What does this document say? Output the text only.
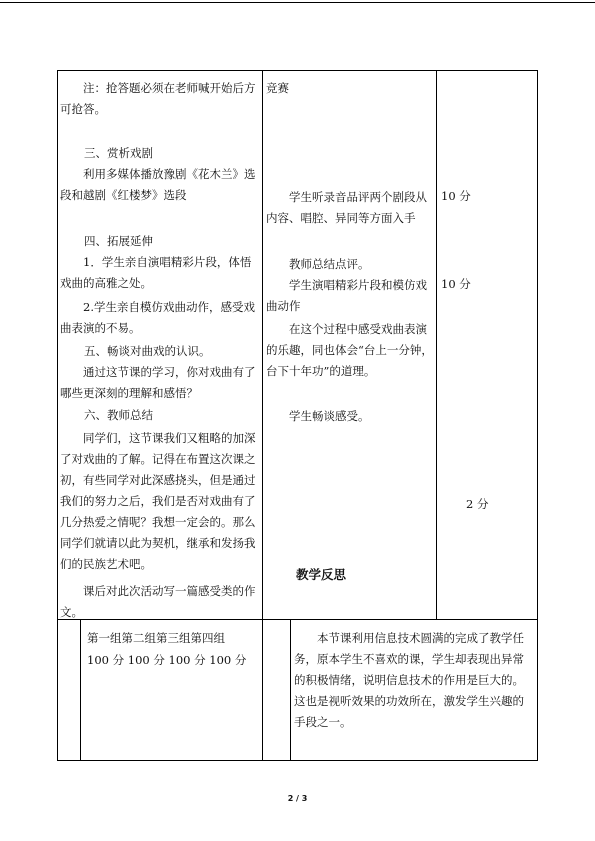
注：抢答题必须在老师喊开始后方可抢答。

三、赏析戏剧

利用多媒体播放豫剧《花木兰》选段和越剧《红楼梦》选段

四、拓展延伸

1．学生亲自演唱精彩片段，体悟戏曲的高雅之处。

2.学生亲自模仿戏曲动作，感受戏曲表演的不易。

五、畅谈对曲戏的认识。

通过这节课的学习，你对戏曲有了哪些更深刻的理解和感悟？

六、教师总结

同学们，这节课我们又粗略的加深了对戏曲的了解。记得在布置这次课之初，有些同学对此深感挠头，但是通过我们的努力之后，我们是否对戏曲有了几分热爱之情呢？我想一定会的。那么同学们就请以此为契机，继承和发扬我们的民族艺术吧。

课后对此次活动写一篇感受类的作文。

竞赛

学生听录音品评两个剧段从内容、唱腔、异同等方面入手

教师总结点评。

学生演唱精彩片段和模仿戏曲动作

在这个过程中感受戏曲表演的乐趣，同也体会“台上一分钟，台下十年功”的道理。

学生畅谈感受。

教学反思

10 分

10 分

2 分

第一组第二组第三组第四组

100 分 100 分 100 分 100 分

本节课利用信息技术圆满的完成了教学任务，原本学生不喜欢的课，学生却表现出异常的积极情绪，说明信息技术的作用是巨大的。这也是视听效果的功效所在，激发学生兴趣的手段之一。

2 / 3
